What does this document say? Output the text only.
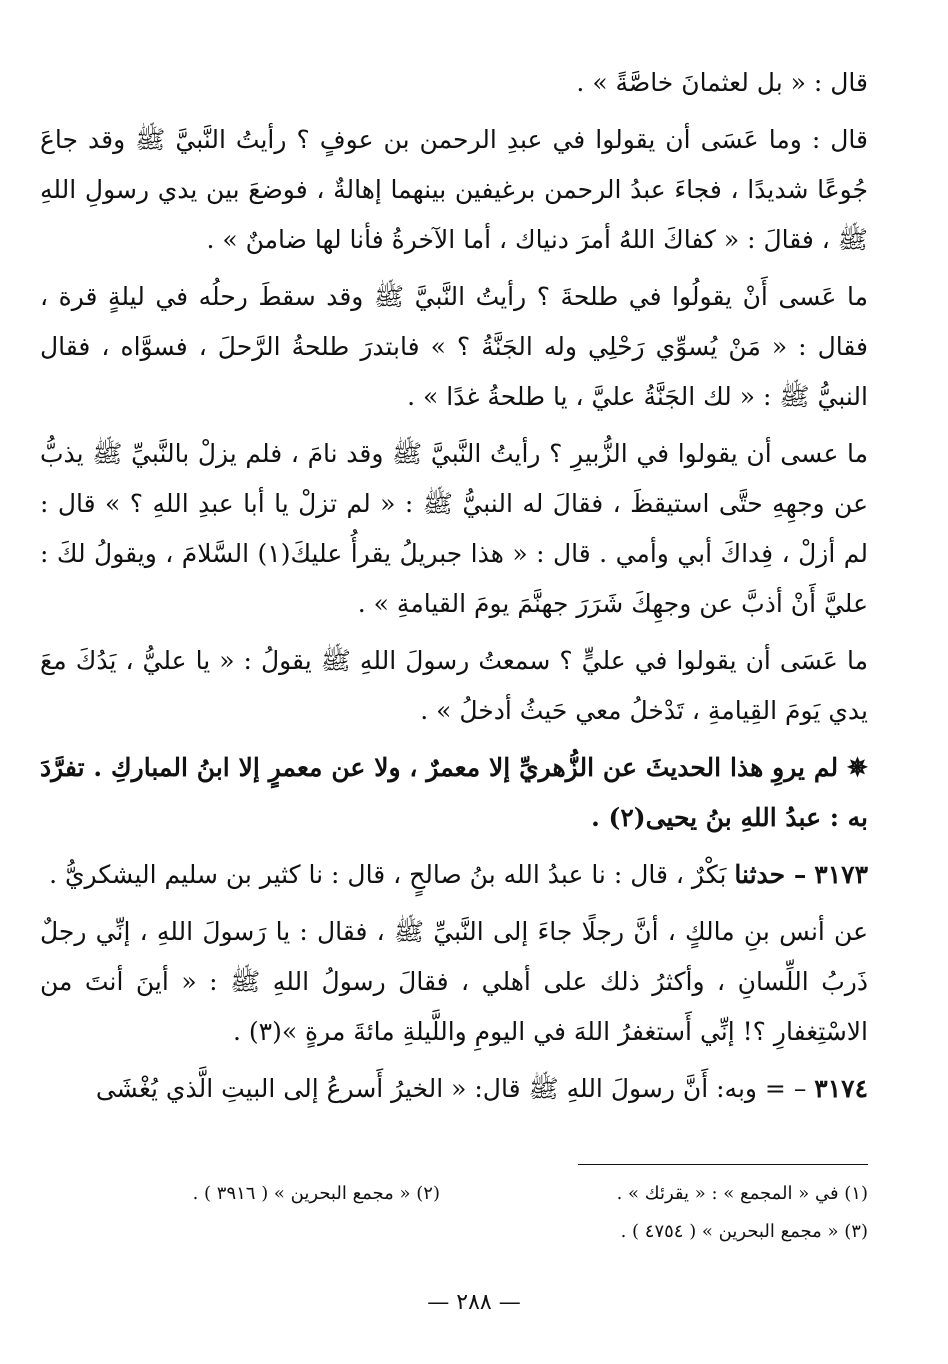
قال : « بل لعثمانَ خاصَّةً » .

قال : وما عَسَى أن يقولوا في عبدِ الرحمن بن عوفٍ ؟ رأيتُ النَّبيَّ ﷺ وقد جاعَ جُوعًا شديدًا ، فجاءَ عبدُ الرحمن برغيفين بينهما إهالةٌ ، فوضعَ بين يدي رسولِ اللهِ ﷺ ، فقالَ : « كفاكَ اللهُ أمرَ دنياك ، أما الآخرةُ فأنا لها ضامنٌ » .

ما عَسى أَنْ يقولُوا في طلحةَ ؟ رأيتُ النَّبيَّ ﷺ وقد سقطَ رحلُه في ليلةٍ قرة ، فقال : « مَنْ يُسوِّي رَحْلِي وله الجَنَّةُ ؟ » فابتدرَ طلحةُ الرَّحلَ ، فسوَّاه ، فقال النبيُّ ﷺ : « لك الجَنَّةُ عليَّ ، يا طلحةُ غدًا » .

ما عسى أن يقولوا في الزُّبيرِ ؟ رأيتُ النَّبيَّ ﷺ وقد نامَ ، فلم يزلْ بالنَّبيِّ ﷺ يذبُّ عن وجهِهِ حتَّى استيقظَ ، فقالَ له النبيُّ ﷺ : « لم تزلْ يا أبا عبدِ اللهِ ؟ » قال : لم أزلْ ، فِداكَ أبي وأمي . قال : « هذا جبريلُ يقرأُ عليكَ(١) السَّلامَ ، ويقولُ لكَ : عليَّ أَنْ أذبَّ عن وجهِكَ شَرَرَ جهنَّمَ يومَ القيامةِ » .

ما عَسَى أن يقولوا في عليٍّ ؟ سمعتُ رسولَ اللهِ ﷺ يقولُ : « يا عليُّ ، يَدُكَ معَ يدي يَومَ القِيامةِ ، تَدْخلُ معي حَيثُ أدخلُ » .

✵ لم يروِ هذا الحديثَ عن الزُّهريِّ إلا معمرٌ ، ولا عن معمرٍ إلا ابنُ المباركِ . تفرَّدَ به : عبدُ اللهِ بنُ يحيى(٢) .

٣١٧٣ – حدثنا بَكْرٌ ، قال : نا عبدُ الله بنُ صالحٍ ، قال : نا كثير بن سليم اليشكريُّ .

عن أنس بنِ مالكٍ ، أنَّ رجلًا جاءَ إلى النَّبيِّ ﷺ ، فقال : يا رَسولَ اللهِ ، إنِّي رجلٌ ذَربُ اللِّسانِ ، وأكثرُ ذلك على أهلي ، فقالَ رسولُ اللهِ ﷺ : « أينَ أنتَ من الاسْتِغفارِ ؟! إنِّي أَستغفرُ اللهَ في اليومِ واللَّيلةِ مائةَ مرةٍ »(٣) .

٣١٧٤ – = وبه: أَنَّ رسولَ اللهِ ﷺ قال: « الخيرُ أَسرعُ إلى البيتِ الَّذي يُغْشَى

(١) في « المجمع » : « يقرئك » .
(٢) « مجمع البحرين » ( ٣٩١٦ ) .
(٣) « مجمع البحرين » ( ٤٧٥٤ ) .
— ٢٨٨ —
